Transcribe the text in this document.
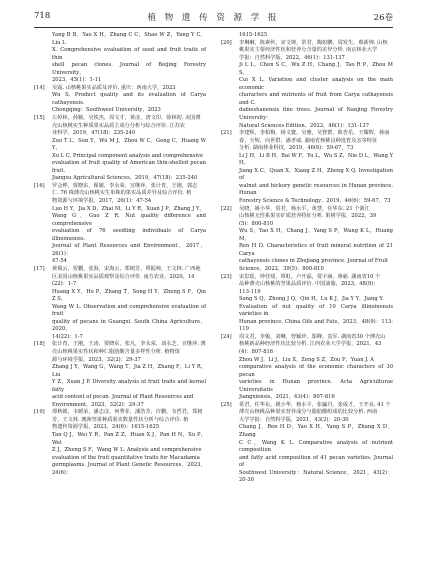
718	植 物 遗 传 资 源 学 报	26卷

Yang B B，Yao X H，Zhang C C，Shao W Z，Yang Y C，Liu L

X. Comprehensive evaluation of seed and fruit traits of thin

shell pecan clones. Journal of Beijing Forestry University，

2023，45(1)：1-11

[14] 吴霜. 山核桃果实品质及评价. 重庆：西南大学，2023

Wu S. Product quality and its evaluation of Carya cathayensis.

Chongqing：Southwest University，2023

[15] 左婷林，孙颖，吴铁杰，周文才，黄彦，唐文印，徐林初. 美国薄

壳山核桃实生种质果实品质主成分分析与综合评价. 江苏农

业科学，2019，47(18)：235-240

Zuo T L，Sun Y，Wu M J，Zhou W C，Gong C，Huang W Y，

Xu L C. Principal component analysis and comprehensive

evaluation of fruit quality of American thin-shelled pecan fruit.

Jiangsu Agricultural Sciences，2019，47(18)：235-240

[16] 罗会烨，贾晓东，翟敏，李永荣，宣继萍，张计育，王刚，郭志

仁. 76 株薄壳山核桃实生单株的果实品质差异及综合评价. 植

物资源与环境学报，2017，26(1)：47-54

Luo H Y，Jia X D，Zhai M，Li Y R，Xuan J P，Zhang J Y，

Wang G，Guo Z R. Nut quality difference and comprehensive

evaluation of 76 seedling individuals of Carya illinoinensis.

Journal of Plant Resources and Environment，2017，26(1)：

47-54

[17] 黄锡云，贺鹏，张海，宋海云，郑树芳，覃振师，王文林. 广西地

区美国山核桃果实品质观察及综合评价. 南方农业，2020，14

(22)：1-7

Huang X Y，He P，Zhang T，Song H Y，Zheng S F，Qin Z S，

Wang W L. Observation and comprehensive evaluation of fruit

quality of pecans in Guangxi. South China Agriculture，2020，

14(22)：1-7

[18] 张计育，王刚，王涛，贾晓东，张凡，李永荣，刘永芝，宣继萍. 薄

壳山核桃果实性状和种仁脂肪酸含量多样性分析. 植物资

源与环境学报，2023，32(2)：29-37

Zhang J Y，Wang G，Wang T，Jia Z H，Zhang F，Li Y R，Liu

Y Z，Xuan J P. Diversity analysis of fruit traits and kernel fatty

acid content of pecan. Journal of Plant Resources and

Environment，2023，32(2)：29-37

[19] 谭秋锦，韦媛荣，潘志彦，何秀菲，潘浩芳，许鹏，韦哲君，郑树

芳，王文林. 澳洲坚果种质果实数量性状分析与综合评价. 植

物遗传资源学报，2023，24(6)：1615-1625

Tan Q J，Wei Y R，Pan Z Z，Huan X J，Pan H N，Xu P，Wei

Z J，Zheng S F，Wang W L. Analysis and comprehensive

evaluation of the fruit quantitative traits for Macadamia

germplasms. Journal of Plant Genetic Resources，2023，24(6)：

1615-1625

[20] 李琳琳，陈素传，宋文婵，常君，陶如鹏，周发生，蔡新帅. 山核

桃果实主要经济性状和营养分含量的差异分析. 南京林业大学

学报：自然科学版，2022，46(1)：131-137

Ji L L，Chen S C，Wu Z H，Chang J，Tao R P，Zhou M S，

Cui X L. Variation and cluster analysis on the main economic

characters and nutrients of fruit from Carya cathayensis and C.

dabieshanensis fine trees. Journal of Nanjing Forestry University：

Natural Sciences Edition，2022，46(1)：131-137

[21] 李建辉，李柏梅，杨文寰，吴雅，吴智群，陈杏乐，王耀晖，蒋丽

春，全辉，向世群，潘孝威. 湖南省核桃良种选育及亲等特征

分析. 湖南林业科技，2019，46(6)：59-67，73

Li J H，Li B H，Bai W F，Yu L，Wu S Z，Nie D L，Wang Y H，

Jiang X C，Quan X，Xiang Z H，Zheng X Q. Investigation of

walnut and hickory genetic resources in Hunan province. Hunan

Forestry Science & Technology，2019，46(6)：59-67，73

[22] 吴晓，姚小华，常君，杨水平，黄慧，任华东. 21 个浙江

山核桃无性系果实矿质营养特征分析. 果树学报，2022，39

(5)：800-810

Wu S，Yao X H，Chang J，Yang S P，Wang K L，Huang M，

Ren H D. Characteristics of fruit mineral nutrition of 21 Carya

cathayensis clones in Zhejiang province. Journal of Fruit

Science，2022，39(5)：800-810

[23] 宋思瑶，钟佳琦，覃虹，卢开磊，贾宇涵，蒋慈. 湖南省10 个

品种薄壳山核桃的坚果品质评价. 中国油脂，2023，48(9)：

113-119

Song S Q，Zhong J Q，Qin H，Lu K J，Jia Y Y，Jiang Y.

Evaluation of nut quality of 10 Carya illinoinensis varieties in

Hunan province. China Oils and Fats，2023，48(9)：113-119

[24] 周文君，李俊，刘琳，曾颖珍，邬峰，袁军. 湖南省30 个薄壳山

核桃新品种经济性状比较分析. 江西农业大学学报，2021，43

(4)：807-816

Zhou W J，Li J，Liu X，Zeng S Z，Zou F，Yuan J. A

comparative analysis of the economic characters of 30 pecan

varieties in Hunan province. Acta Agriculturae Universitatis

Jiangxiensis，2021，43(4)：807-816

[25] 常君，任华东，姚小华，杨水平，张瀛丹，张成才，王开良. 41 个

薄壳山核桃品种果实营养成分与脂肪酸组成的比较分析. 西南

大学学报：自然科学版，2021，43(2)：20-30

Chang J，Ren H D，Yao X H，Yang S P，Zhang X D，Zhang

C C，Wang K L. Comparative analysis of nutrient composition

and fatty acid composition of 41 pecan varieties. Journal of

Southwest University：Natural Science，2021，43(2)：20-30
